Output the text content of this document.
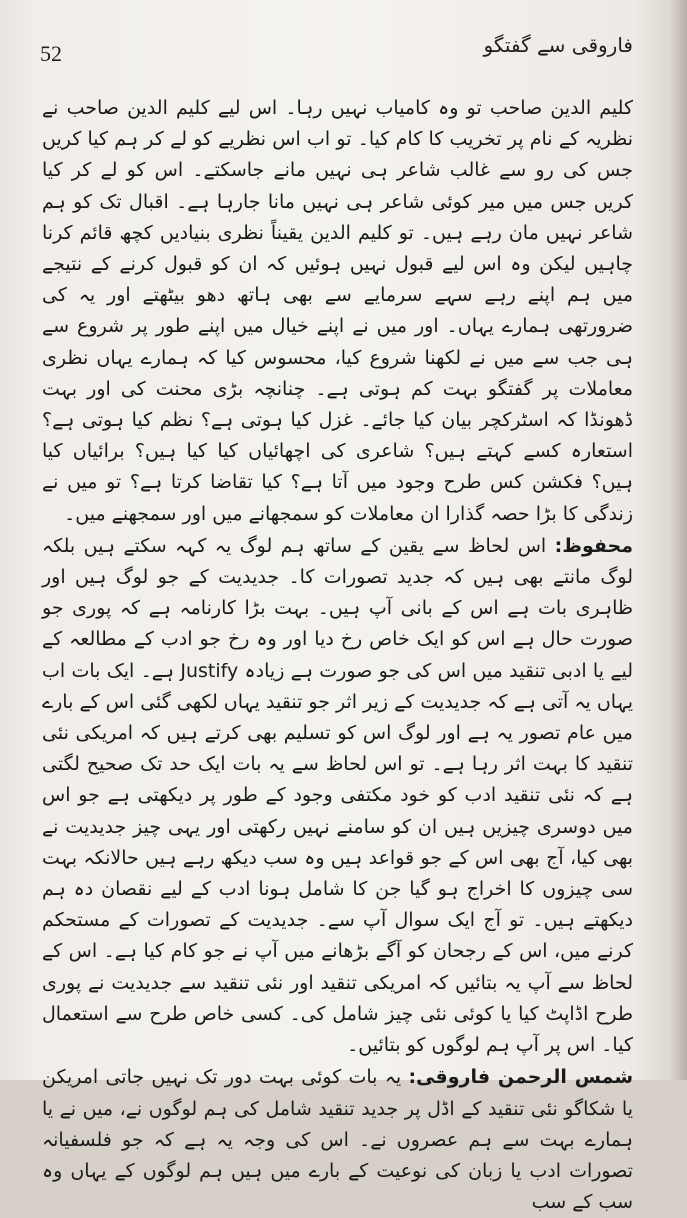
52	فاروقی سے گفتگو

کلیم الدین صاحب تو وہ کامیاب نہیں رہا۔ اس لیے کلیم الدین صاحب نے نظریہ کے نام پر تخریب کا کام کیا۔ تو اب اس نظریے کو لے کر ہم کیا کریں جس کی رو سے غالب شاعر ہی نہیں مانے جاسکتے۔ اس کو لے کر کیا کریں جس میں میر کوئی شاعر ہی نہیں مانا جارہا ہے۔ اقبال تک کو ہم شاعر نہیں مان رہے ہیں۔ تو کلیم الدین یقیناً نظری بنیادیں کچھ قائم کرنا چاہیں لیکن وہ اس لیے قبول نہیں ہوئیں کہ ان کو قبول کرنے کے نتیجے میں ہم اپنے رہے سہے سرمایے سے بھی ہاتھ دھو بیٹھتے اور یہ کی ضرورتھی ہمارے یہاں۔ اور میں نے اپنے خیال میں اپنے طور پر شروع سے ہی جب سے میں نے لکھنا شروع کیا، محسوس کیا کہ ہمارے یہاں نظری معاملات پر گفتگو بہت کم ہوتی ہے۔ چنانچہ بڑی محنت کی اور بہت ڈھونڈا کہ اسٹرکچر بیان کیا جائے۔ غزل کیا ہوتی ہے؟ نظم کیا ہوتی ہے؟ استعارہ کسے کہتے ہیں؟ شاعری کی اچھائیاں کیا کیا ہیں؟ برائیاں کیا ہیں؟ فکشن کس طرح وجود میں آتا ہے؟ کیا تقاضا کرتا ہے؟ تو میں نے زندگی کا بڑا حصہ گذارا ان معاملات کو سمجھانے میں اور سمجھنے میں۔

محفوظ: اس لحاظ سے یقین کے ساتھ ہم لوگ یہ کہہ سکتے ہیں بلکہ لوگ مانتے بھی ہیں کہ جدید تصورات کا۔ جدیدیت کے جو لوگ ہیں اور ظاہری بات ہے اس کے بانی آپ ہیں۔ بہت بڑا کارنامہ ہے کہ پوری جو صورت حال ہے اس کو ایک خاص رخ دیا اور وہ رخ جو ادب کے مطالعہ کے لیے یا ادبی تنقید میں اس کی جو صورت ہے زیادہ Justify ہے۔ ایک بات اب یہاں یہ آتی ہے کہ جدیدیت کے زیر اثر جو تنقید یہاں لکھی گئی اس کے بارے میں عام تصور یہ ہے اور لوگ اس کو تسلیم بھی کرتے ہیں کہ امریکی نئی تنقید کا بہت اثر رہا ہے۔ تو اس لحاظ سے یہ بات ایک حد تک صحیح لگتی ہے کہ نئی تنقید ادب کو خود مکتفی وجود کے طور پر دیکھتی ہے جو اس میں دوسری چیزیں ہیں ان کو سامنے نہیں رکھتی اور یہی چیز جدیدیت نے بھی کیا، آج بھی اس کے جو قواعد ہیں وہ سب دیکھ رہے ہیں حالانکہ بہت سی چیزوں کا اخراج ہو گیا جن کا شامل ہونا ادب کے لیے نقصان دہ ہم دیکھتے ہیں۔ تو آج ایک سوال آپ سے۔ جدیدیت کے تصورات کے مستحکم کرنے میں، اس کے رجحان کو آگے بڑھانے میں آپ نے جو کام کیا ہے۔ اس کے لحاظ سے آپ یہ بتائیں کہ امریکی تنقید اور نئی تنقید سے جدیدیت نے پوری طرح اڈاپٹ کیا یا کوئی نئی چیز شامل کی۔ کسی خاص طرح سے استعمال کیا۔ اس پر آپ ہم لوگوں کو بتائیں۔

شمس الرحمن فاروقی: یہ بات کوئی بہت دور تک نہیں جاتی امریکن یا شکاگو نئی تنقید کے اڈل پر جدید تنقید شامل کی ہم لوگوں نے، میں نے یا ہمارے بہت سے ہم عصروں نے۔ اس کی وجہ یہ ہے کہ جو فلسفیانہ تصورات ادب یا زبان کی نوعیت کے بارے میں ہیں ہم لوگوں کے یہاں وہ سب کے سب
